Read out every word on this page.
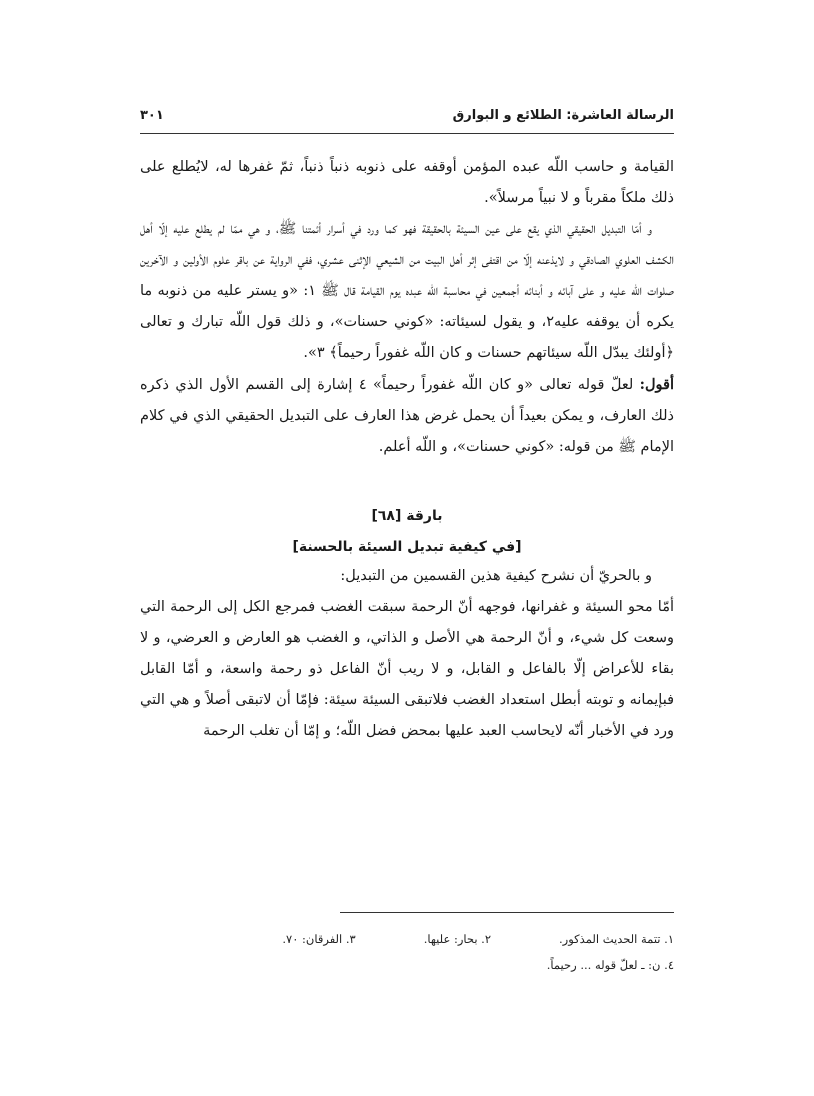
الرسالة العاشرة: الطلائع و البوارق
٣٠١

القيامة و حاسب اللّه عبده المؤمن أوقفه على ذنوبه ذنباً ذنباً، ثمّ غفرها له، لايُطلع على ذلك ملكاً مقرباً و لا نبياً مرسلاً».

و أمّا التبديل الحقيقي الذي يقع على عين السيئة بالحقيقة فهو كما ورد في أسرار أئمتنا ﷺ، و هي ممّا لم يطلع عليه إلّا أهل الكشف العلوي الصادقي و لايذعنه إلّا من اقتفى إثر أهل البيت من الشيعي الإثنى عشري، ففي الرواية عن باقر علوم الأولين و الآخرين صلوات اللّه عليه و على آبائه و أبنائه أجمعين في محاسبة اللّه عبده يوم القيامة قال ﷺ ١: «و يستر عليه من ذنوبه ما يكره أن يوقفه عليه٢، و يقول لسيئاته: «كوني حسنات»، و ذلك قول اللّه تبارك و تعالى ﴿أولئك يبدّل اللّه سيئاتهم حسنات و كان اللّه غفوراً رحيماً﴾ ٣».

أقول: لعلّ قوله تعالى «و كان اللّه غفوراً رحيماً» ٤ إشارة إلى القسم الأول الذي ذكره ذلك العارف، و يمكن بعيداً أن يحمل غرض هذا العارف على التبديل الحقيقي الذي في كلام الإمام ﷺ من قوله: «كوني حسنات»، و اللّه أعلم.

بارقة [٦٨]

[في كيفية تبديل السيئة بالحسنة]

و بالحريّ أن نشرح كيفية هذين القسمين من التبديل:

أمّا محو السيئة و غفرانها، فوجهه أنّ الرحمة سبقت الغضب فمرجع الكل إلى الرحمة التي وسعت كل شيء، و أنّ الرحمة هي الأصل و الذاتي، و الغضب هو العارض و العرضي، و لا بقاء للأعراض إلّا بالفاعل و القابل، و لا ريب أنّ الفاعل ذو رحمة واسعة، و أمّا القابل فبإيمانه و توبته أبطل استعداد الغضب فلاتبقى السيئة سيئة: فإمّا أن لاتبقى أصلاً و هي التي ورد في الأخبار أنّه لايحاسب العبد عليها بمحض فضل اللّه؛ و إمّا أن تغلب الرحمة

١. تتمة الحديث المذكور.
٢. بحار: عليها.
٣. الفرقان: ٧٠.
٤. ن: ـ لعلّ قوله ... رحيماً.
